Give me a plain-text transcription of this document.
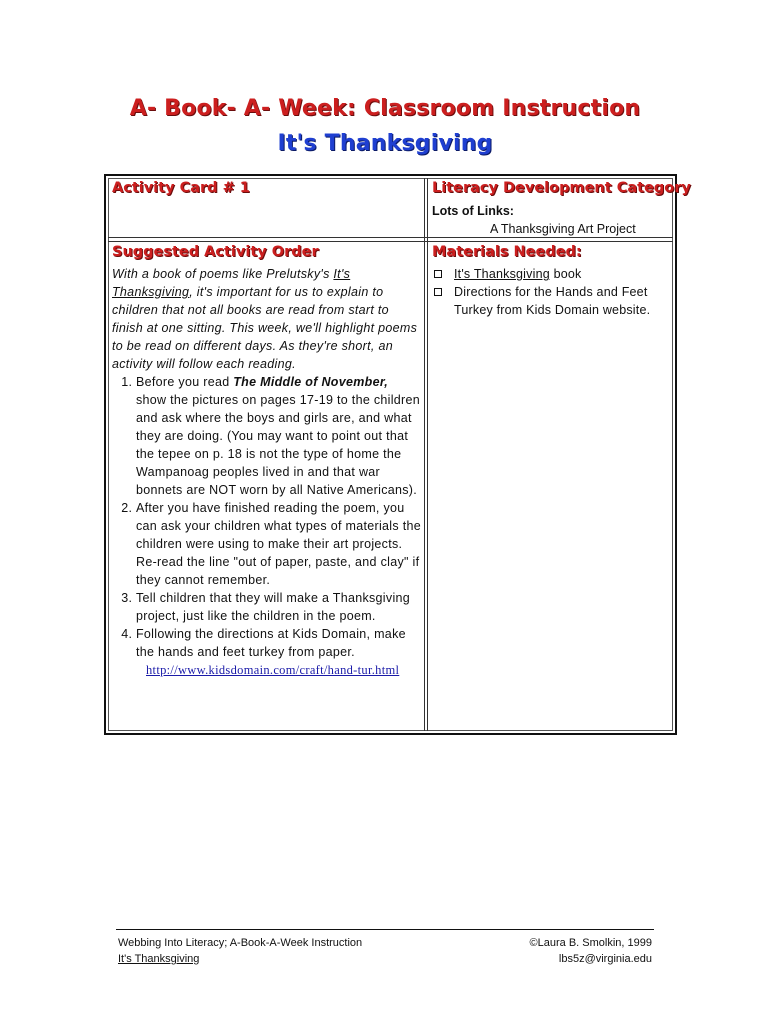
A- Book- A- Week: Classroom Instruction
It's Thanksgiving
Activity Card # 1	Literacy Development Category
Lots of Links:
A Thanksgiving Art Project
Suggested Activity Order	Materials Needed:
With a book of poems like Prelutsky's It's Thanksgiving, it's important for us to explain to children that not all books are read from start to finish at one sitting. This week, we'll highlight poems to be read on different days. As they're short, an activity will follow each reading.
1. Before you read The Middle of November, show the pictures on pages 17-19 to the children and ask where the boys and girls are, and what they are doing. (You may want to point out that the tepee on p. 18 is not the type of home the Wampanoag peoples lived in and that war bonnets are NOT worn by all Native Americans).
2. After you have finished reading the poem, you can ask your children what types of materials the children were using to make their art projects. Re-read the line "out of paper, paste, and clay" if they cannot remember.
3. Tell children that they will make a Thanksgiving project, just like the children in the poem.
4. Following the directions at Kids Domain, make the hands and feet turkey from paper.
http://www.kidsdomain.com/craft/hand-tur.html
It's Thanksgiving book
Directions for the Hands and Feet Turkey from Kids Domain website.
Webbing Into Literacy; A-Book-A-Week Instruction
It's Thanksgiving
©Laura B. Smolkin, 1999
lbs5z@virginia.edu
